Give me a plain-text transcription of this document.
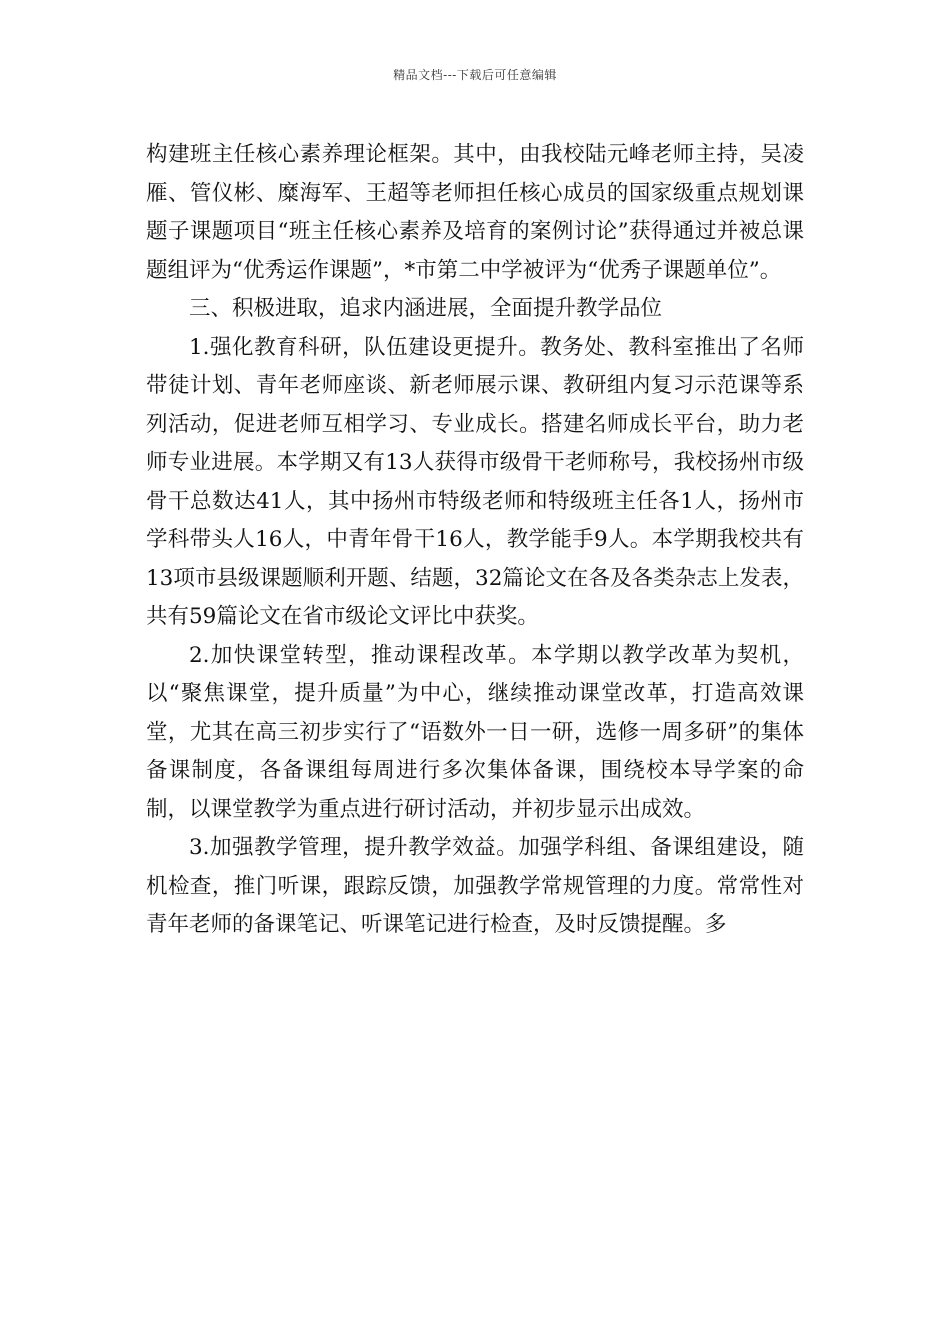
精品文档---下载后可任意编辑

构建班主任核心素养理论框架。其中，由我校陆元峰老师主持，吴凌雁、管仪彬、糜海军、王超等老师担任核心成员的国家级重点规划课题子课题项目“班主任核心素养及培育的案例讨论”获得通过并被总课题组评为“优秀运作课题”，*市第二中学被评为“优秀子课题单位”。

三、积极进取，追求内涵进展，全面提升教学品位

1.强化教育科研，队伍建设更提升。教务处、教科室推出了名师带徒计划、青年老师座谈、新老师展示课、教研组内复习示范课等系列活动，促进老师互相学习、专业成长。搭建名师成长平台，助力老师专业进展。本学期又有13人获得市级骨干老师称号，我校扬州市级骨干总数达41人，其中扬州市特级老师和特级班主任各1人，扬州市学科带头人16人，中青年骨干16人，教学能手9人。本学期我校共有13项市县级课题顺利开题、结题，32篇论文在各及各类杂志上发表，共有59篇论文在省市级论文评比中获奖。

2.加快课堂转型，推动课程改革。本学期以教学改革为契机，以“聚焦课堂，提升质量”为中心，继续推动课堂改革，打造高效课堂，尤其在高三初步实行了“语数外一日一研，选修一周多研”的集体备课制度，各备课组每周进行多次集体备课，围绕校本导学案的命制，以课堂教学为重点进行研讨活动，并初步显示出成效。

3.加强教学管理，提升教学效益。加强学科组、备课组建设，随机检查，推门听课，跟踪反馈，加强教学常规管理的力度。常常性对青年老师的备课笔记、听课笔记进行检查，及时反馈提醒。多
